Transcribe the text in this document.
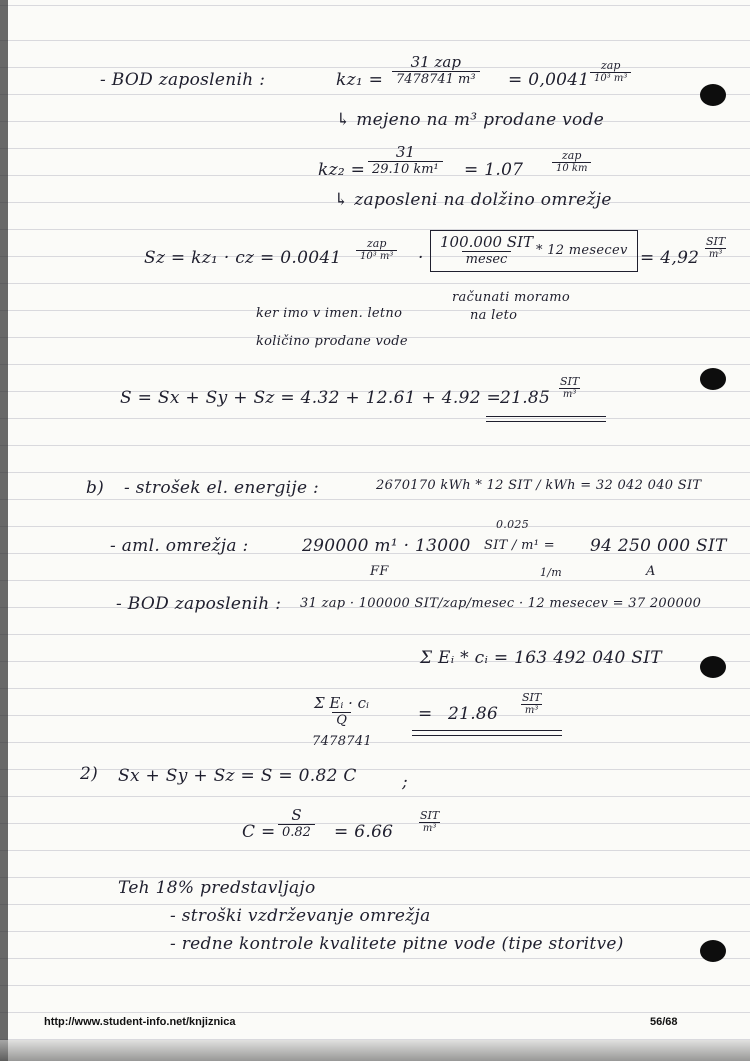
- BOD zaposlenih :	kz₁ =
31 zap
7478741 m³ = 0,0041
zap
10³ m³
↳ mejeno na m³ prodane vode
$kz_2 = \frac{31}{\text{29.10 km¹}} = 1.07$
zap
10 km
↳ zaposleni na dolžino omrežje
Sz = kz₁ · cz = 0.0041
zap
10³ m³ ·
100.000 SIT
mesec
* 12 mesecev = 4,92
SIT
m³
ker imo v imen. letno
računati moramo
na leto
količino prodane vode
S = Sx + Sy + Sz = 4.32 + 12.61 + 4.92 =
21.85
SIT
m³
b) - strošek el. energije :	2670170 kWh * 12 SIT / kWh = 32 042 040 SIT
- aml. omrežja :	290000 m¹ · 13000
0.025
SIT / m¹ = 94 250 000 SIT
FF	1/m	A
- BOD zaposlenih : 31 zap · 100000 SIT/zap/mesec · 12 mesecev = 37 200000
Σ Eᵢ * cᵢ = 163 492 040 SIT
$\frac{\text{Σ Eᵢ · cᵢ}}{Q}$	= 21.86
SIT
m³
7478741
2) Sx + Sy + Sz = S = 0.82 C	;
$C = \frac{S}{0.82} = 6.66$
SIT
m³
Teh 18% predstavljajo
- stroški vzdrževanje omrežja
- redne kontrole kvalitete pitne vode (tipe storitve)
http://www.student-info.net/knjiznica	56/68
